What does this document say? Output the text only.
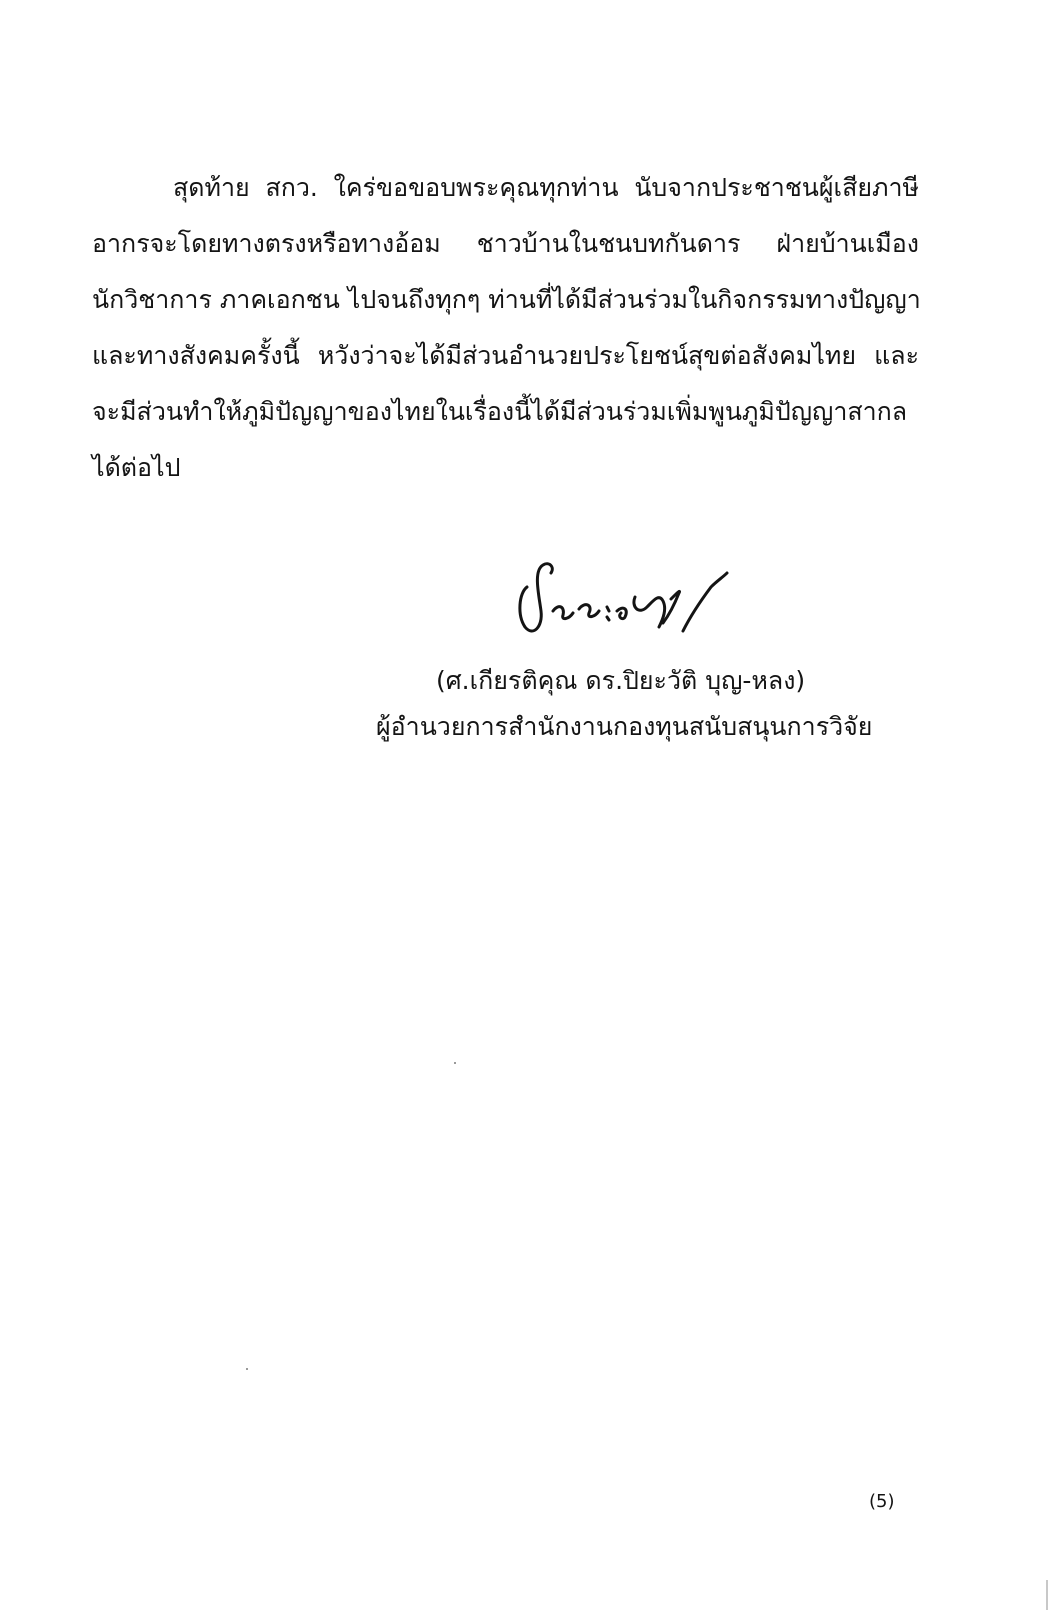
สุดท้าย สกว. ใคร่ขอขอบพระคุณทุกท่าน นับจากประชาชนผู้เสียภาษี
อากรจะโดยทางตรงหรือทางอ้อม ชาวบ้านในชนบทกันดาร ฝ่ายบ้านเมือง
นักวิชาการ ภาคเอกชน ไปจนถึงทุกๆ ท่านที่ได้มีส่วนร่วมในกิจกรรมทางปัญญา
และทางสังคมครั้งนี้ หวังว่าจะได้มีส่วนอำนวยประโยชน์สุขต่อสังคมไทย และ
จะมีส่วนทำให้ภูมิปัญญาของไทยในเรื่องนี้ได้มีส่วนร่วมเพิ่มพูนภูมิปัญญาสากล
ได้ต่อไป
(ศ.เกียรติคุณ ดร.ปิยะวัติ บุญ-หลง)
ผู้อำนวยการสำนักงานกองทุนสนับสนุนการวิจัย
(5)
